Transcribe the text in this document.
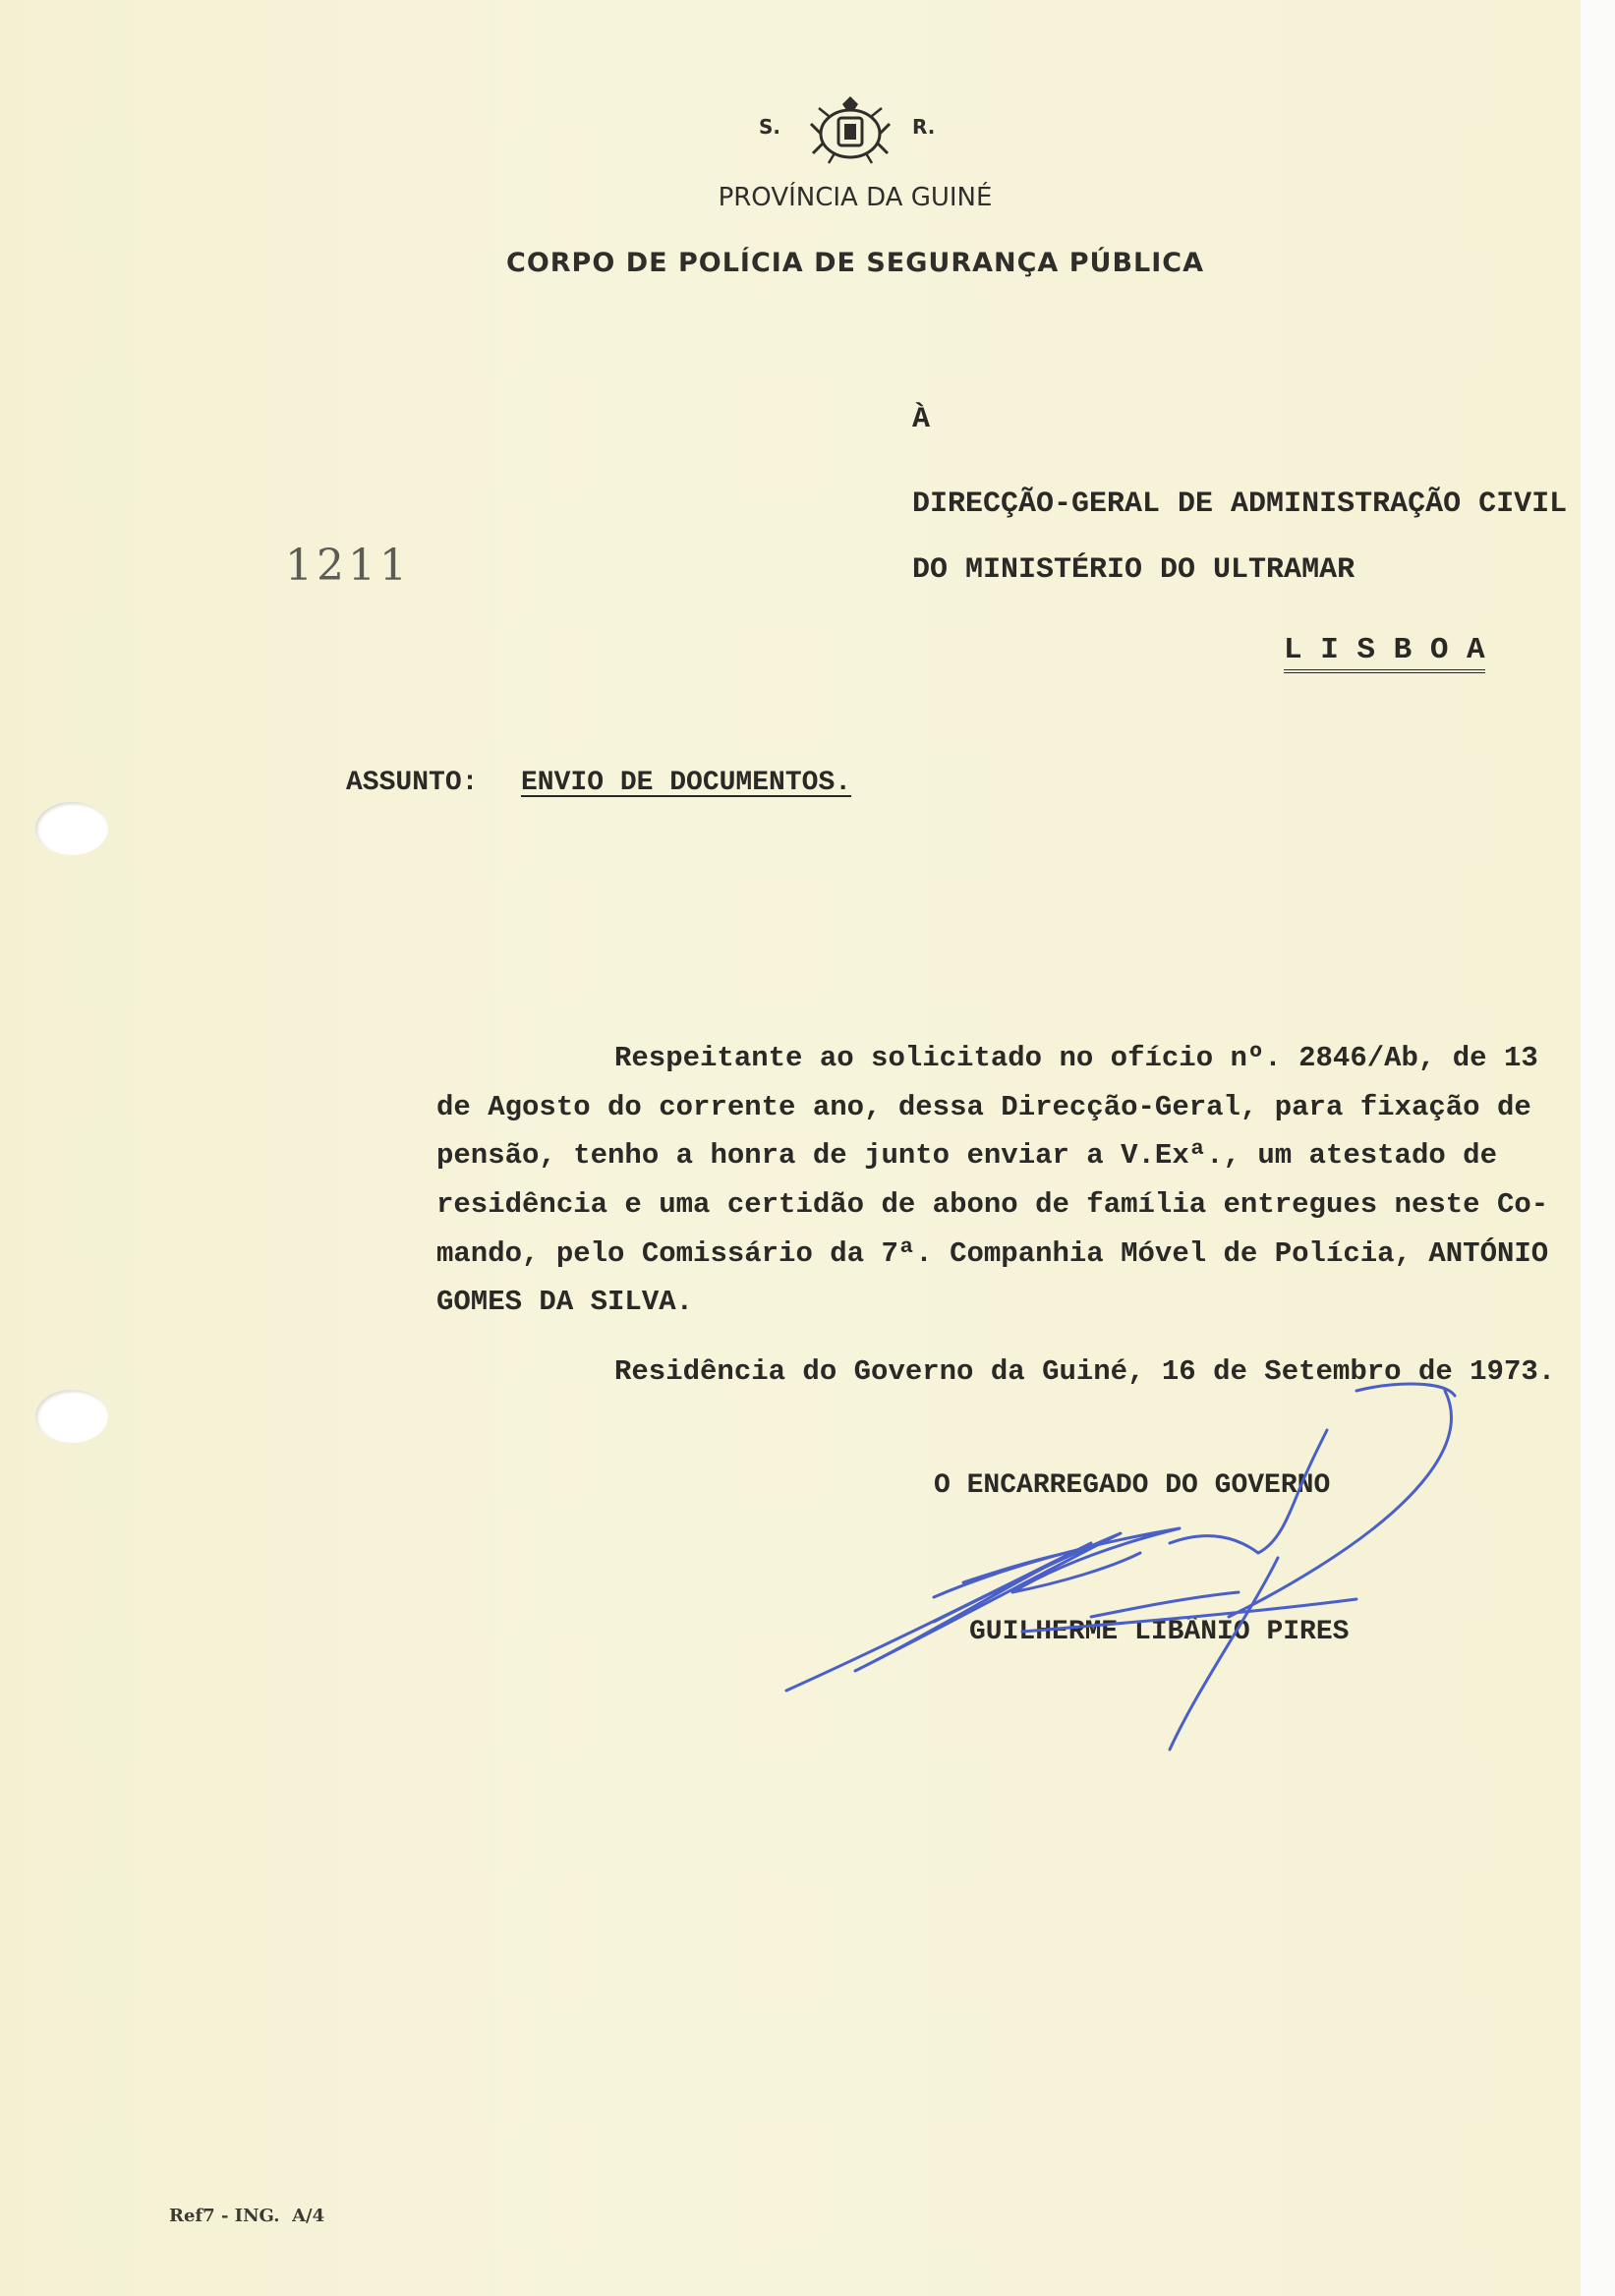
S.	R.
PROVÍNCIA DA GUINÉ
CORPO DE POLÍCIA DE SEGURANÇA PÚBLICA
1211
À
DIRECÇÃO-GERAL DE ADMINISTRAÇÃO CIVIL
DO MINISTÉRIO DO ULTRAMAR
L I S B O A
ASSUNTO: ENVIO DE DOCUMENTOS.
Respeitante ao solicitado no ofício nº. 2846/Ab, de 13
de Agosto do corrente ano, dessa Direcção-Geral, para fixação de
pensão, tenho a honra de junto enviar a V.Exª., um atestado de
residência e uma certidão de abono de família entregues neste Co-
mando, pelo Comissário da 7ª. Companhia Móvel de Polícia, ANTÓNIO
GOMES DA SILVA.
Residência do Governo da Guiné, 16 de Setembro de 1973.
O ENCARREGADO DO GOVERNO
GUILHERME LIBÂNIO PIRES
Ref7 - ING.  A/4
